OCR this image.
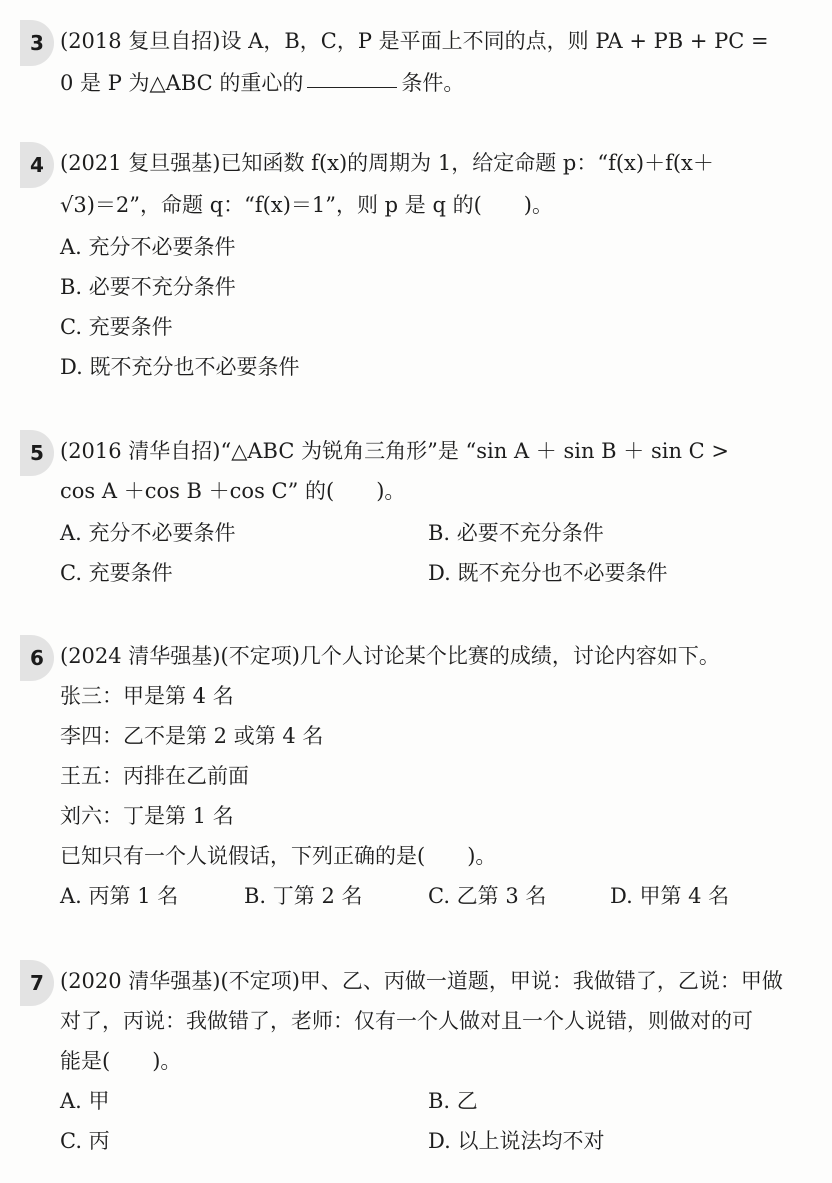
3 (2018 复旦自招)设 A，B，C，P 是平面上不同的点，则 PA + PB + PC =
0 是 P 为△ABC 的重心的	条件。
4 (2021 复旦强基)已知函数 f(x)的周期为 1，给定命题 p：“f(x)＋f(x＋
√3)＝2”，命题 q：“f(x)＝1”，则 p 是 q 的(　　)。
A. 充分不必要条件
B. 必要不充分条件
C. 充要条件
D. 既不充分也不必要条件
5 (2016 清华自招)“△ABC 为锐角三角形”是 “sin A ＋ sin B ＋ sin C >
cos A ＋cos B ＋cos C” 的(　　)。
A. 充分不必要条件	B. 必要不充分条件
C. 充要条件	D. 既不充分也不必要条件
6 (2024 清华强基)(不定项)几个人讨论某个比赛的成绩，讨论内容如下。
张三：甲是第 4 名
李四：乙不是第 2 或第 4 名
王五：丙排在乙前面
刘六：丁是第 1 名
已知只有一个人说假话，下列正确的是(　　)。
A. 丙第 1 名	B. 丁第 2 名	C. 乙第 3 名	D. 甲第 4 名
7 (2020 清华强基)(不定项)甲、乙、丙做一道题，甲说：我做错了，乙说：甲做
对了，丙说：我做错了，老师：仅有一个人做对且一个人说错，则做对的可
能是(　　)。
A. 甲	B. 乙
C. 丙	D. 以上说法均不对
